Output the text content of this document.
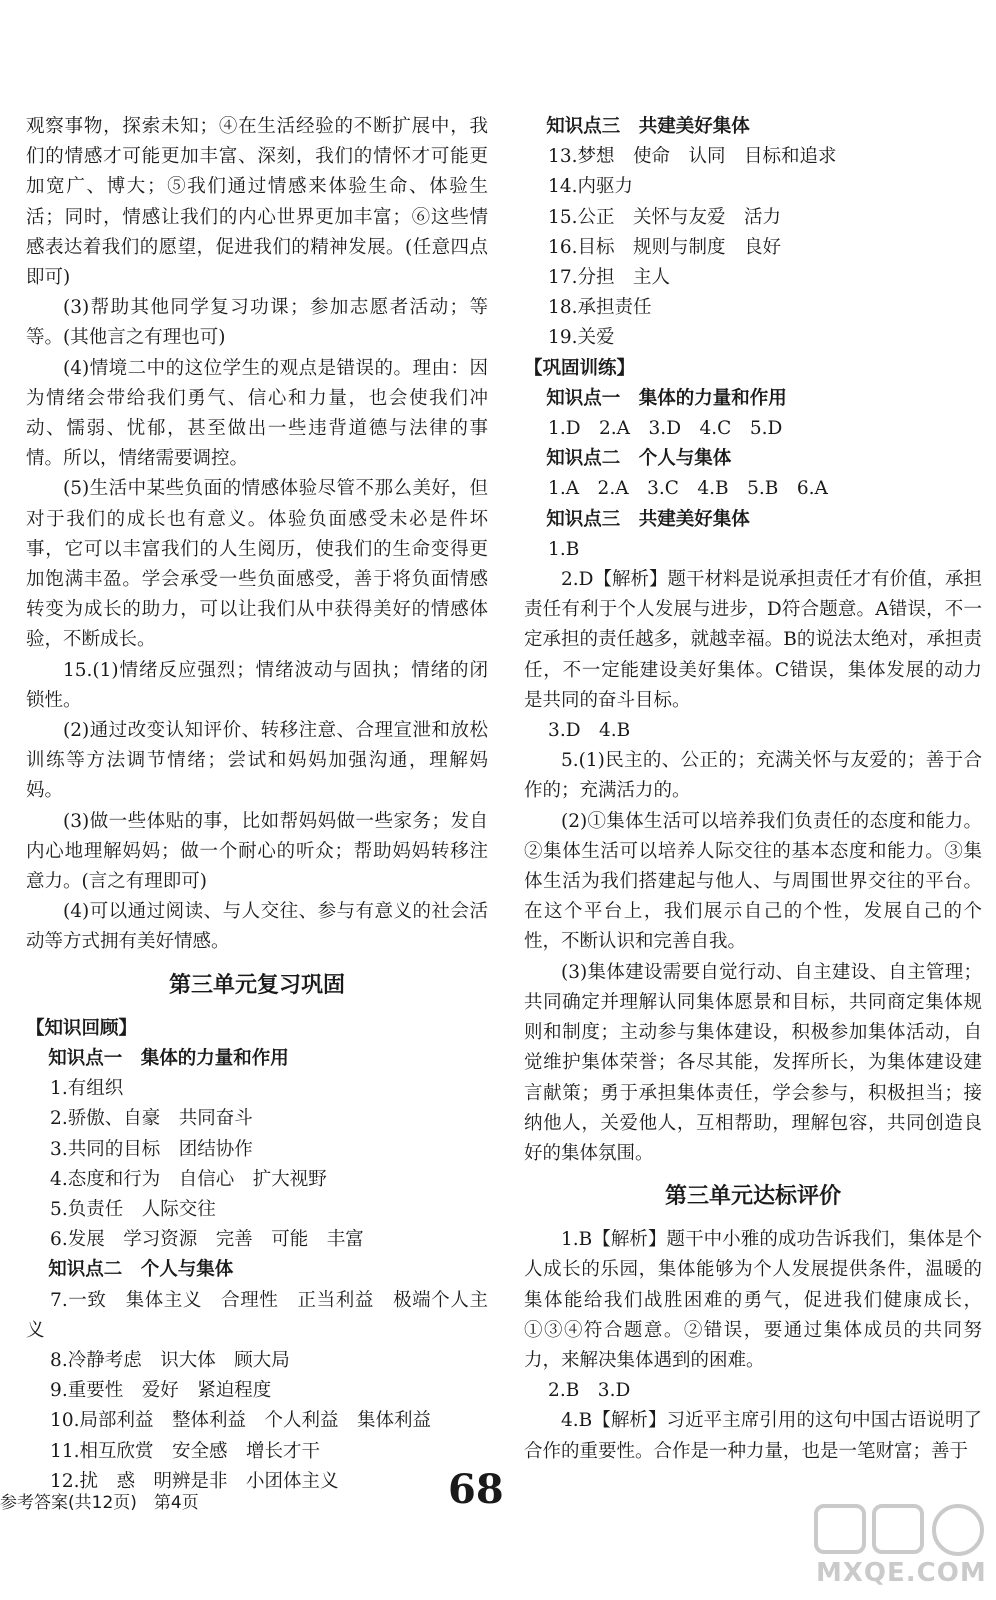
观察事物，探索未知；④在生活经验的不断扩展中，我们的情感才可能更加丰富、深刻，我们的情怀才可能更加宽广、博大；⑤我们通过情感来体验生命、体验生活；同时，情感让我们的内心世界更加丰富；⑥这些情感表达着我们的愿望，促进我们的精神发展。(任意四点即可)

(3)帮助其他同学复习功课；参加志愿者活动；等等。(其他言之有理也可)

(4)情境二中的这位学生的观点是错误的。理由：因为情绪会带给我们勇气、信心和力量，也会使我们冲动、懦弱、忧郁，甚至做出一些违背道德与法律的事情。所以，情绪需要调控。

(5)生活中某些负面的情感体验尽管不那么美好，但对于我们的成长也有意义。体验负面感受未必是件坏事，它可以丰富我们的人生阅历，使我们的生命变得更加饱满丰盈。学会承受一些负面感受，善于将负面情感转变为成长的助力，可以让我们从中获得美好的情感体验，不断成长。

15.(1)情绪反应强烈；情绪波动与固执；情绪的闭锁性。

(2)通过改变认知评价、转移注意、合理宣泄和放松训练等方法调节情绪；尝试和妈妈加强沟通，理解妈妈。

(3)做一些体贴的事，比如帮妈妈做一些家务；发自内心地理解妈妈；做一个耐心的听众；帮助妈妈转移注意力。(言之有理即可)

(4)可以通过阅读、与人交往、参与有意义的社会活动等方式拥有美好情感。

第三单元复习巩固

【知识回顾】

知识点一　集体的力量和作用

1.有组织

2.骄傲、自豪　共同奋斗

3.共同的目标　团结协作

4.态度和行为　自信心　扩大视野

5.负责任　人际交往

6.发展　学习资源　完善　可能　丰富

知识点二　个人与集体

7.一致　集体主义　合理性　正当利益　极端个人主义

8.冷静考虑　识大体　顾大局

9.重要性　爱好　紧迫程度

10.局部利益　整体利益　个人利益　集体利益

11.相互欣赏　安全感　增长才干

12.扰　惑　明辨是非　小团体主义

知识点三　共建美好集体

13.梦想　使命　认同　目标和追求

14.内驱力

15.公正　关怀与友爱　活力

16.目标　规则与制度　良好

17.分担　主人

18.承担责任

19.关爱

【巩固训练】

知识点一　集体的力量和作用

1.D　2.A　3.D　4.C　5.D

知识点二　个人与集体

1.A　2.A　3.C　4.B　5.B　6.A

知识点三　共建美好集体

1.B

2.D【解析】题干材料是说承担责任才有价值，承担责任有利于个人发展与进步，D符合题意。A错误，不一定承担的责任越多，就越幸福。B的说法太绝对，承担责任，不一定能建设美好集体。C错误，集体发展的动力是共同的奋斗目标。

3.D　4.B

5.(1)民主的、公正的；充满关怀与友爱的；善于合作的；充满活力的。

(2)①集体生活可以培养我们负责任的态度和能力。②集体生活可以培养人际交往的基本态度和能力。③集体生活为我们搭建起与他人、与周围世界交往的平台。在这个平台上，我们展示自己的个性，发展自己的个性，不断认识和完善自我。

(3)集体建设需要自觉行动、自主建设、自主管理；共同确定并理解认同集体愿景和目标，共同商定集体规则和制度；主动参与集体建设，积极参加集体活动，自觉维护集体荣誉；各尽其能，发挥所长，为集体建设建言献策；勇于承担集体责任，学会参与，积极担当；接纳他人，关爱他人，互相帮助，理解包容，共同创造良好的集体氛围。

第三单元达标评价

1.B【解析】题干中小雅的成功告诉我们，集体是个人成长的乐园，集体能够为个人发展提供条件，温暖的集体能给我们战胜困难的勇气，促进我们健康成长，①③④符合题意。②错误，要通过集体成员的共同努力，来解决集体遇到的困难。

2.B　3.D

4.B【解析】习近平主席引用的这句中国古语说明了合作的重要性。合作是一种力量，也是一笔财富；善于

参考答案(共12页)　第4页	68
MXQE.COM
